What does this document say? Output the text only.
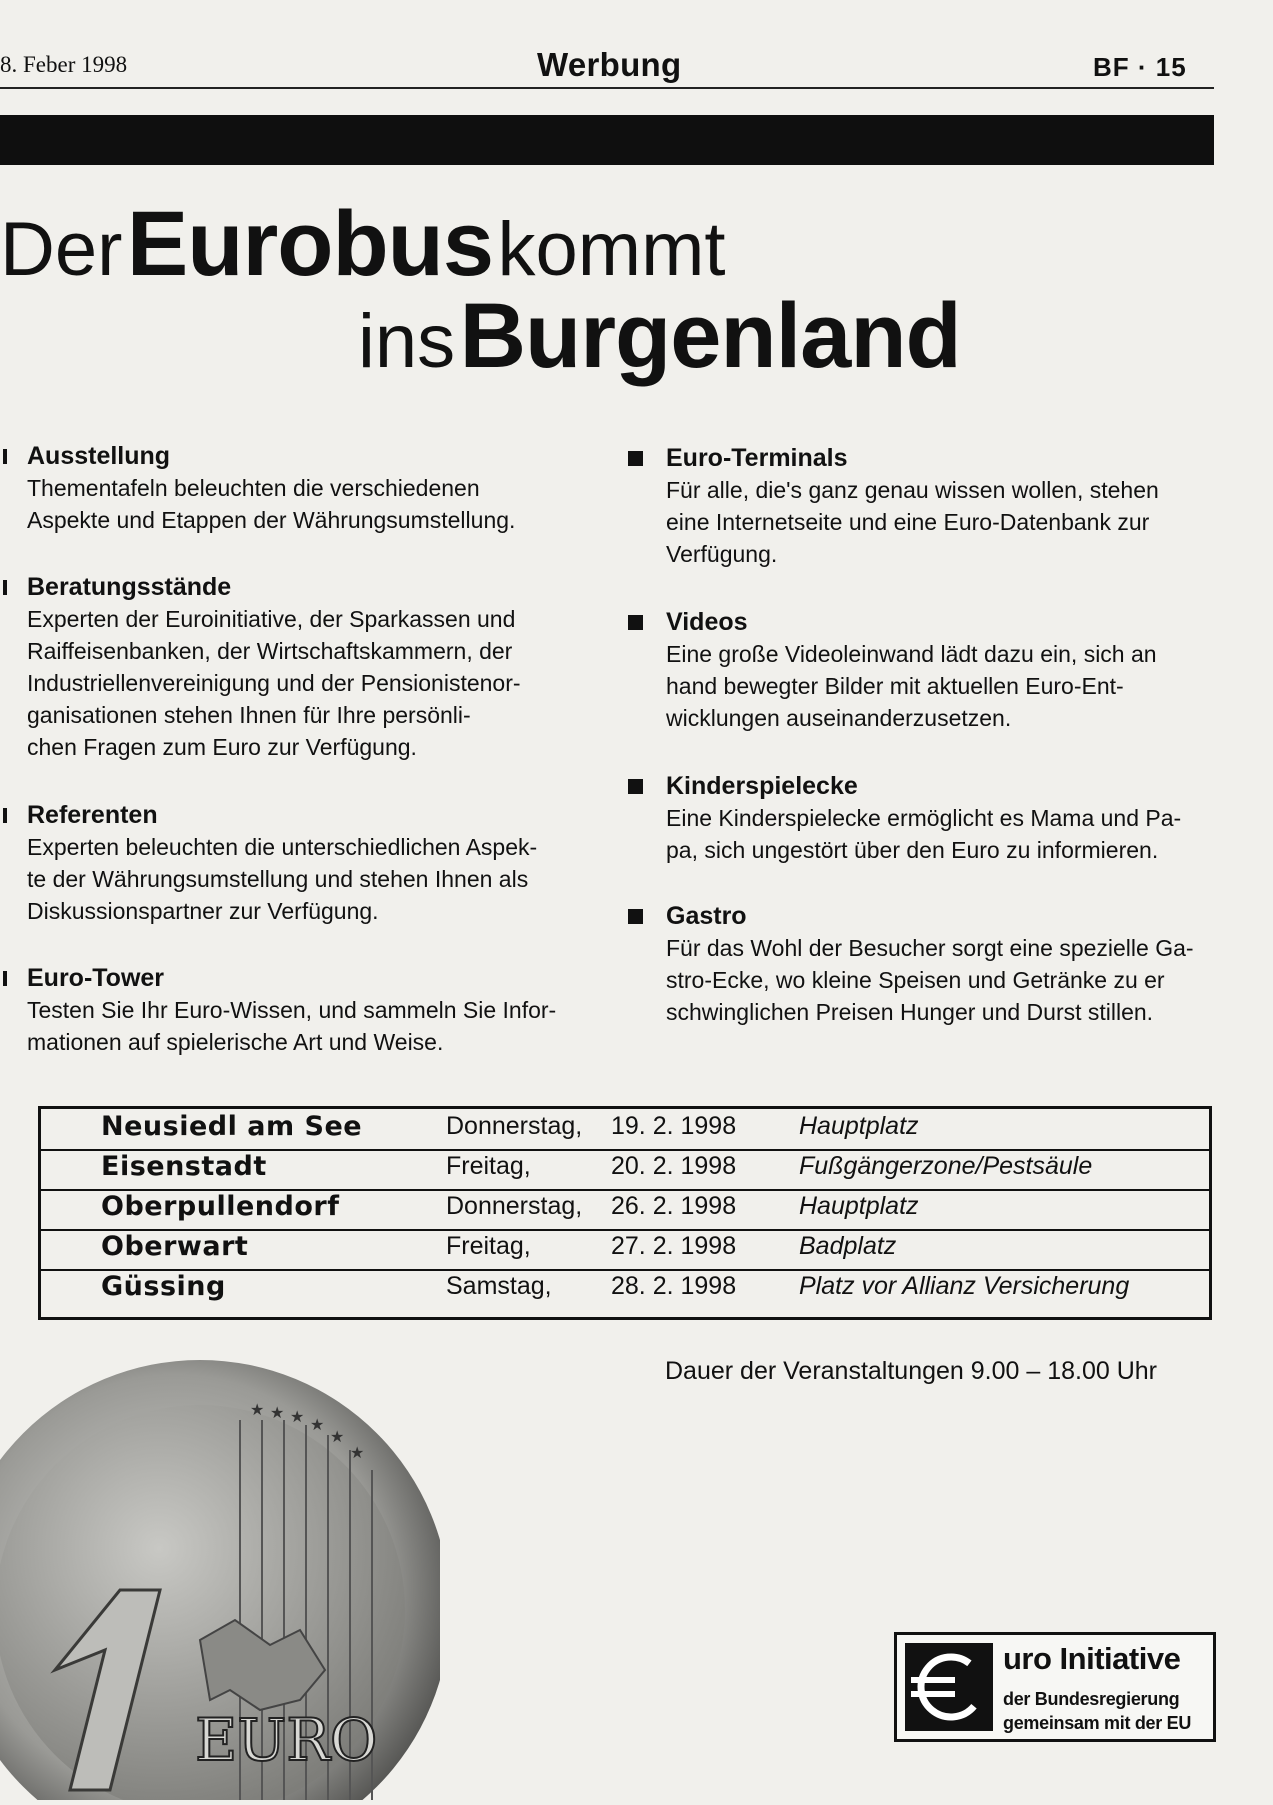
8. Feber 1998	Werbung	BF · 15
Der Eurobus kommt
ins Burgenland
Ausstellung
Thementafeln beleuchten die verschiedenen
Aspekte und Etappen der Währungsumstellung.
Beratungsstände
Experten der Euroinitiative, der Sparkassen und
Raiffeisenbanken, der Wirtschaftskammern, der
Industriellenvereinigung und der Pensionistenor-
ganisationen stehen Ihnen für Ihre persönli-
chen Fragen zum Euro zur Verfügung.
Referenten
Experten beleuchten die unterschiedlichen Aspek-
te der Währungsumstellung und stehen Ihnen als
Diskussionspartner zur Verfügung.
Euro-Tower
Testen Sie Ihr Euro-Wissen, und sammeln Sie Infor-
mationen auf spielerische Art und Weise.
Euro-Terminals
Für alle, die's ganz genau wissen wollen, stehen
eine Internetseite und eine Euro-Datenbank zur
Verfügung.
Videos
Eine große Videoleinwand lädt dazu ein, sich an
hand bewegter Bilder mit aktuellen Euro-Ent-
wicklungen auseinanderzusetzen.
Kinderspielecke
Eine Kinderspielecke ermöglicht es Mama und Pa-
pa, sich ungestört über den Euro zu informieren.
Gastro
Für das Wohl der Besucher sorgt eine spezielle Ga-
stro-Ecke, wo kleine Speisen und Getränke zu er
schwinglichen Preisen Hunger und Durst stillen.
Neusiedl am See	Donnerstag, 19. 2. 1998	Hauptplatz
Eisenstadt	Freitag,	20. 2. 1998	Fußgängerzone/Pestsäule
Oberpullendorf	Donnerstag, 26. 2. 1998	Hauptplatz
Oberwart	Freitag,	27. 2. 1998	Badplatz
Güssing	Samstag, 28. 2. 1998	Platz vor Allianz Versicherung
Dauer der Veranstaltungen 9.00 – 18.00 Uhr
★ ★ ★ ★
★
★
EURO
uro Initiative
der Bundesregierung
gemeinsam mit der EU
